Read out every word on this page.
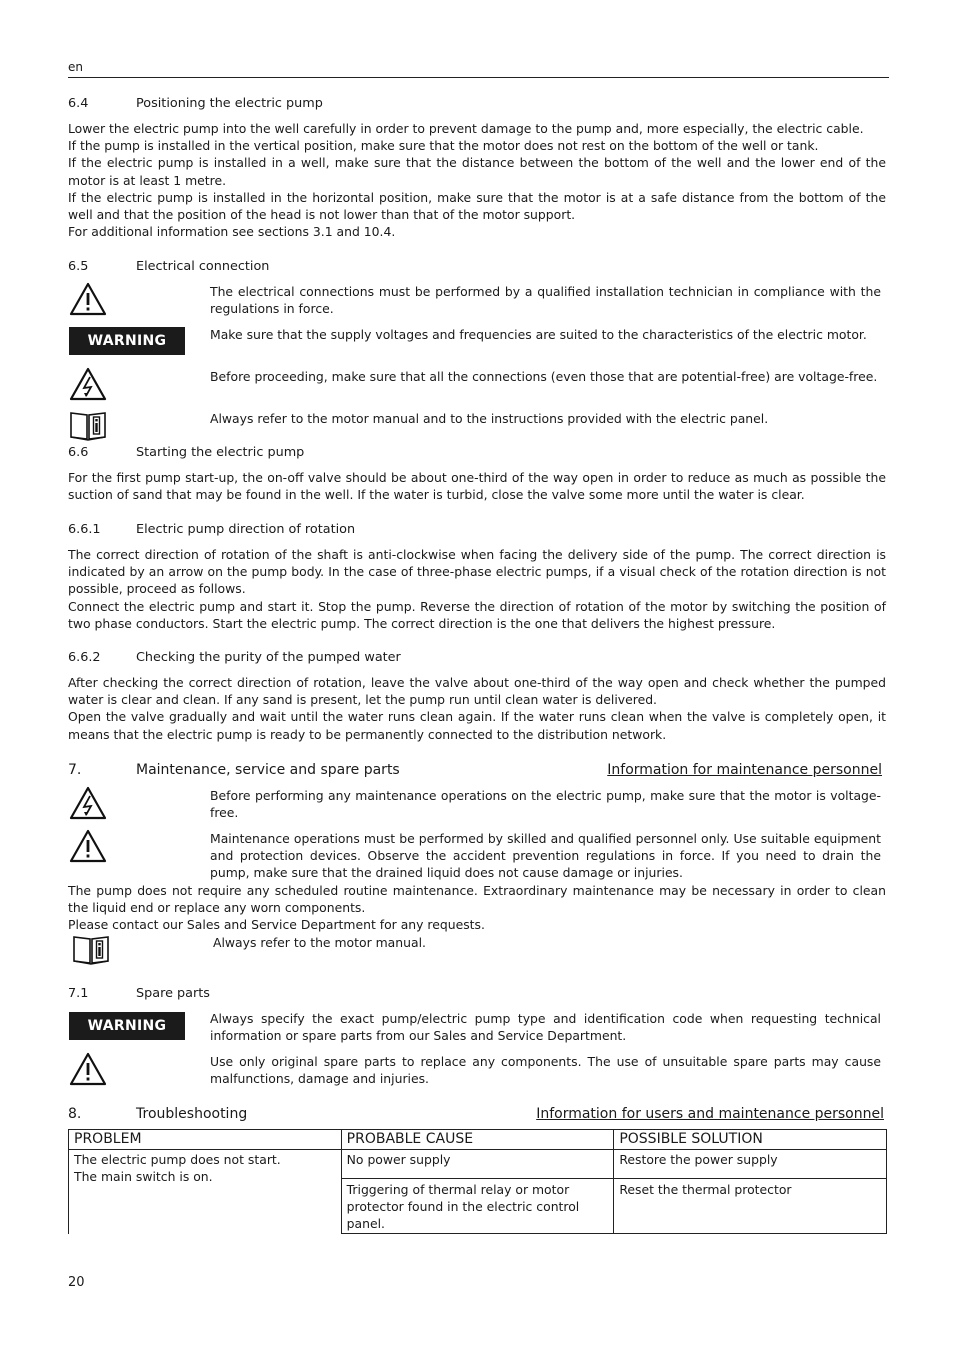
en
6.4	Positioning the electric pump

Lower the electric pump into the well carefully in order to prevent damage to the pump and, more especially, the electric cable.

If the pump is installed in the vertical position, make sure that the motor does not rest on the bottom of the well or tank.

If the electric pump is installed in a well, make sure that the distance between the bottom of the well and the lower end of the motor is at least 1 metre.

If the electric pump is installed in the horizontal position, make sure that the motor is at a safe distance from the bottom of the well and that the position of the head is not lower than that of the motor support.

For additional information see sections 3.1 and 10.4.

6.5	Electrical connection
The electrical connections must be performed by a qualified installation technician in compliance with the regulations in force.
WARNING	Make sure that the supply voltages and frequencies are suited to the characteristics of the electric motor.
Before proceeding, make sure that all the connections (even those that are potential-free) are voltage-free.
Always refer to the motor manual and to the instructions provided with the electric panel.
6.6	Starting the electric pump

For the first pump start-up, the on-off valve should be about one-third of the way open in order to reduce as much as possible the suction of sand that may be found in the well. If the water is turbid, close the valve some more until the water is clear.

6.6.1	Electric pump direction of rotation

The correct direction of rotation of the shaft is anti-clockwise when facing the delivery side of the pump. The correct direction is indicated by an arrow on the pump body. In the case of three-phase electric pumps, if a visual check of the rotation direction is not possible, proceed as follows.

Connect the electric pump and start it. Stop the pump. Reverse the direction of rotation of the motor by switching the position of two phase conductors. Start the electric pump. The correct direction is the one that delivers the highest pressure.

6.6.2	Checking the purity of the pumped water

After checking the correct direction of rotation, leave the valve about one-third of the way open and check whether the pumped water is clear and clean. If any sand is present, let the pump run until clean water is delivered.

Open the valve gradually and wait until the water runs clean again. If the water runs clean when the valve is completely open, it means that the electric pump is ready to be permanently connected to the distribution network.

7.	Maintenance, service and spare parts	Information for maintenance personnel
Before performing any maintenance operations on the electric pump, make sure that the motor is voltage-free.
Maintenance operations must be performed by skilled and qualified personnel only. Use suitable equipment and protection devices. Observe the accident prevention regulations in force. If you need to drain the pump, make sure that the drained liquid does not cause damage or injuries.

The pump does not require any scheduled routine maintenance. Extraordinary maintenance may be necessary in order to clean the liquid end or replace any worn components.

Please contact our Sales and Service Department for any requests.

Always refer to the motor manual.
7.1	Spare parts
WARNING	Always specify the exact pump/electric pump type and identification code when requesting technical information or spare parts from our Sales and Service Department.
Use only original spare parts to replace any components. The use of unsuitable spare parts may cause malfunctions, damage and injuries.
8.	Troubleshooting	Information for users and maintenance personnel
PROBLEM	PROBABLE CAUSE	POSSIBLE SOLUTION

The electric pump does not start.
The main switch is on.	No power supply	Restore the power supply
	Triggering of thermal relay or motor protector found in the electric control panel.	Reset the thermal protector
20
